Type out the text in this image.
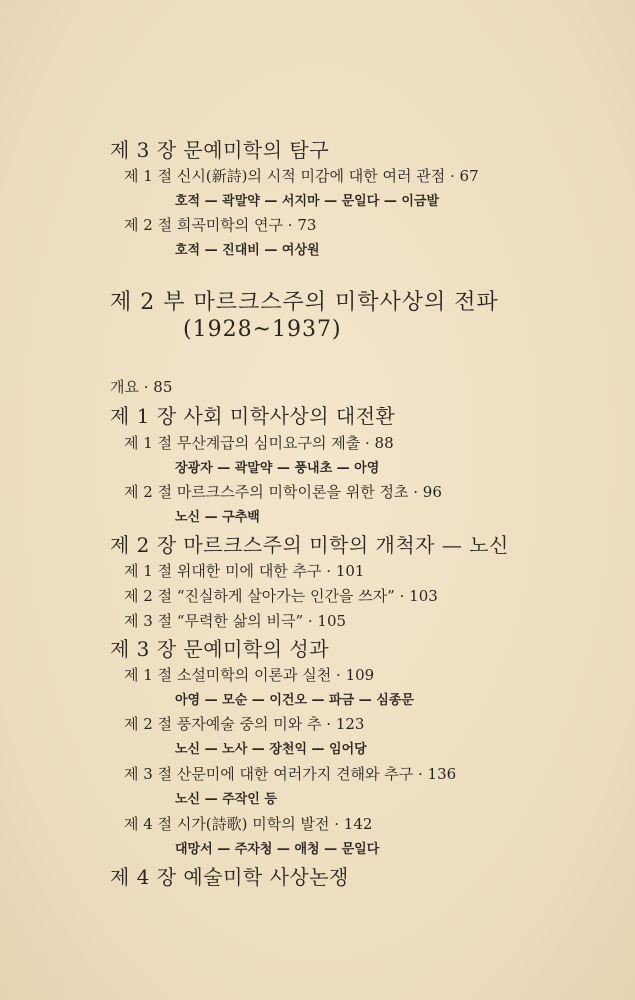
제 3 장 문예미학의 탐구
제 1 절 신시(新詩)의 시적 미감에 대한 여러 관점 · 67
호적 — 곽말약 — 서지마 — 문일다 — 이금발
제 2 절 희곡미학의 연구 · 73
호적 — 진대비 — 여상원
제 2 부 마르크스주의 미학사상의 전파
(1928~1937)
개요 · 85
제 1 장 사회 미학사상의 대전환
제 1 절 무산계급의 심미요구의 제출 · 88
장광자 — 곽말약 — 풍내초 — 아영
제 2 절 마르크스주의 미학이론을 위한 정초 · 96
노신 — 구추백
제 2 장 마르크스주의 미학의 개척자 — 노신
제 1 절 위대한 미에 대한 추구 · 101
제 2 절 “진실하게 살아가는 인간을 쓰자” · 103
제 3 절 “무력한 삶의 비극” · 105
제 3 장 문예미학의 성과
제 1 절 소설미학의 이론과 실천 · 109
아영 — 모순 — 이건오 — 파금 — 심종문
제 2 절 풍자예술 중의 미와 추 · 123
노신 — 노사 — 장천익 — 임어당
제 3 절 산문미에 대한 여러가지 견해와 추구 · 136
노신 — 주작인 등
제 4 절 시가(詩歌) 미학의 발전 · 142
대망서 — 주자청 — 애청 — 문일다
제 4 장 예술미학 사상논쟁
